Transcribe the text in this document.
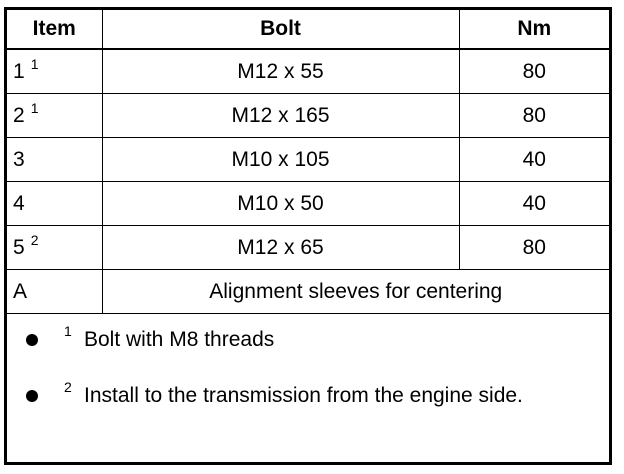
Item	Bolt	Nm
1 $^1$	M12 x 55	80
2 $^1$	M12 x 165	80
3	M10 x 105	40
4	M10 x 50	40
5 $^2$	M12 x 65	80
A	Alignment sleeves for centering	
1 Bolt with M8 threads
2 Install to the transmission from the engine side.
